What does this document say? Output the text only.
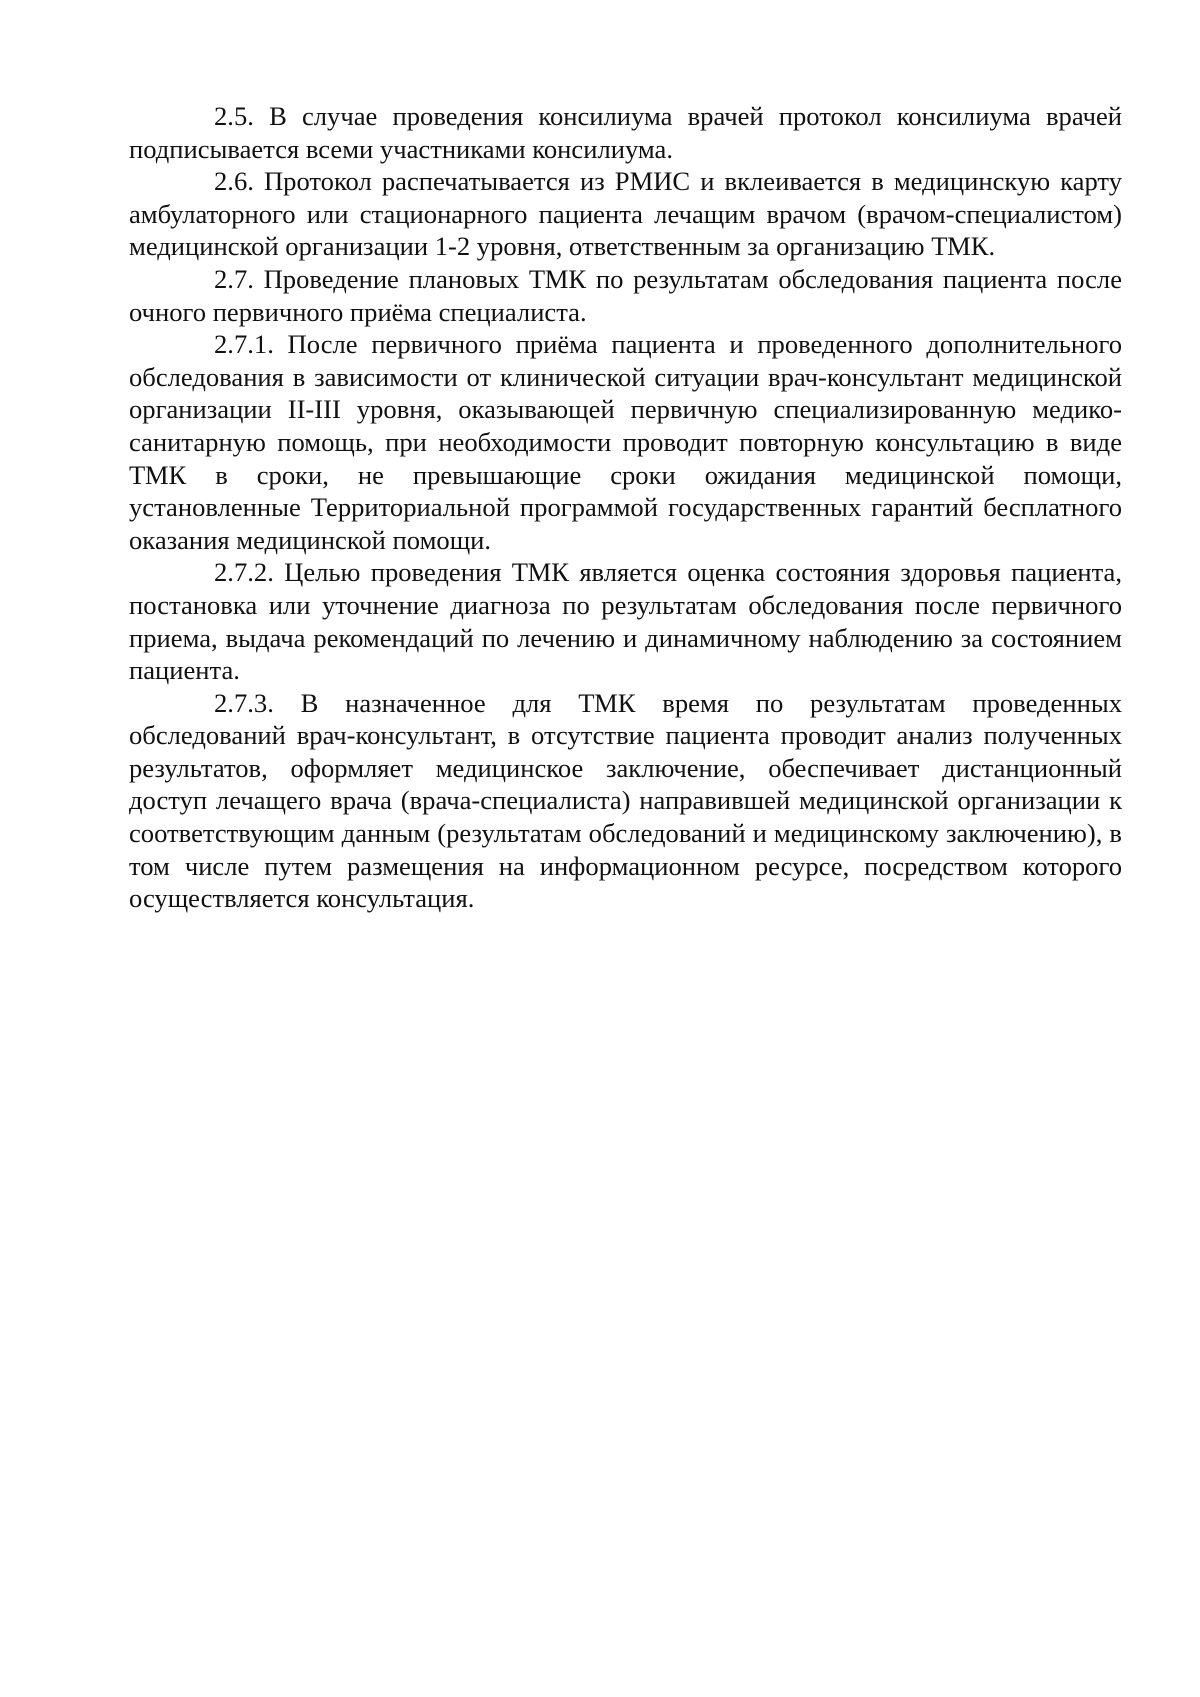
2.5. В случае проведения консилиума врачей протокол консилиума врачей подписывается всеми участниками консилиума.

2.6. Протокол распечатывается из РМИС и вклеивается в медицинскую карту амбулаторного или стационарного пациента лечащим врачом (врачом-специалистом) медицинской организации 1-2 уровня, ответственным за организацию ТМК.

2.7. Проведение плановых ТМК по результатам обследования пациента после очного первичного приёма специалиста.

2.7.1. После первичного приёма пациента и проведенного дополнительного обследования в зависимости от клинической ситуации врач-консультант медицинской организации II-III уровня, оказывающей первичную специализированную медико-санитарную помощь, при необходимости проводит повторную консультацию в виде ТМК в сроки, не превышающие сроки ожидания медицинской помощи, установленные Территориальной программой государственных гарантий бесплатного оказания медицинской помощи.

2.7.2. Целью проведения ТМК является оценка состояния здоровья пациента, постановка или уточнение диагноза по результатам обследования после первичного приема, выдача рекомендаций по лечению и динамичному наблюдению за состоянием пациента.

2.7.3. В назначенное для ТМК время по результатам проведенных обследований врач-консультант, в отсутствие пациента проводит анализ полученных результатов, оформляет медицинское заключение, обеспечивает дистанционный доступ лечащего врача (врача-специалиста) направившей медицинской организации к соответствующим данным (результатам обследований и медицинскому заключению), в том числе путем размещения на информационном ресурсе, посредством которого осуществляется консультация.
